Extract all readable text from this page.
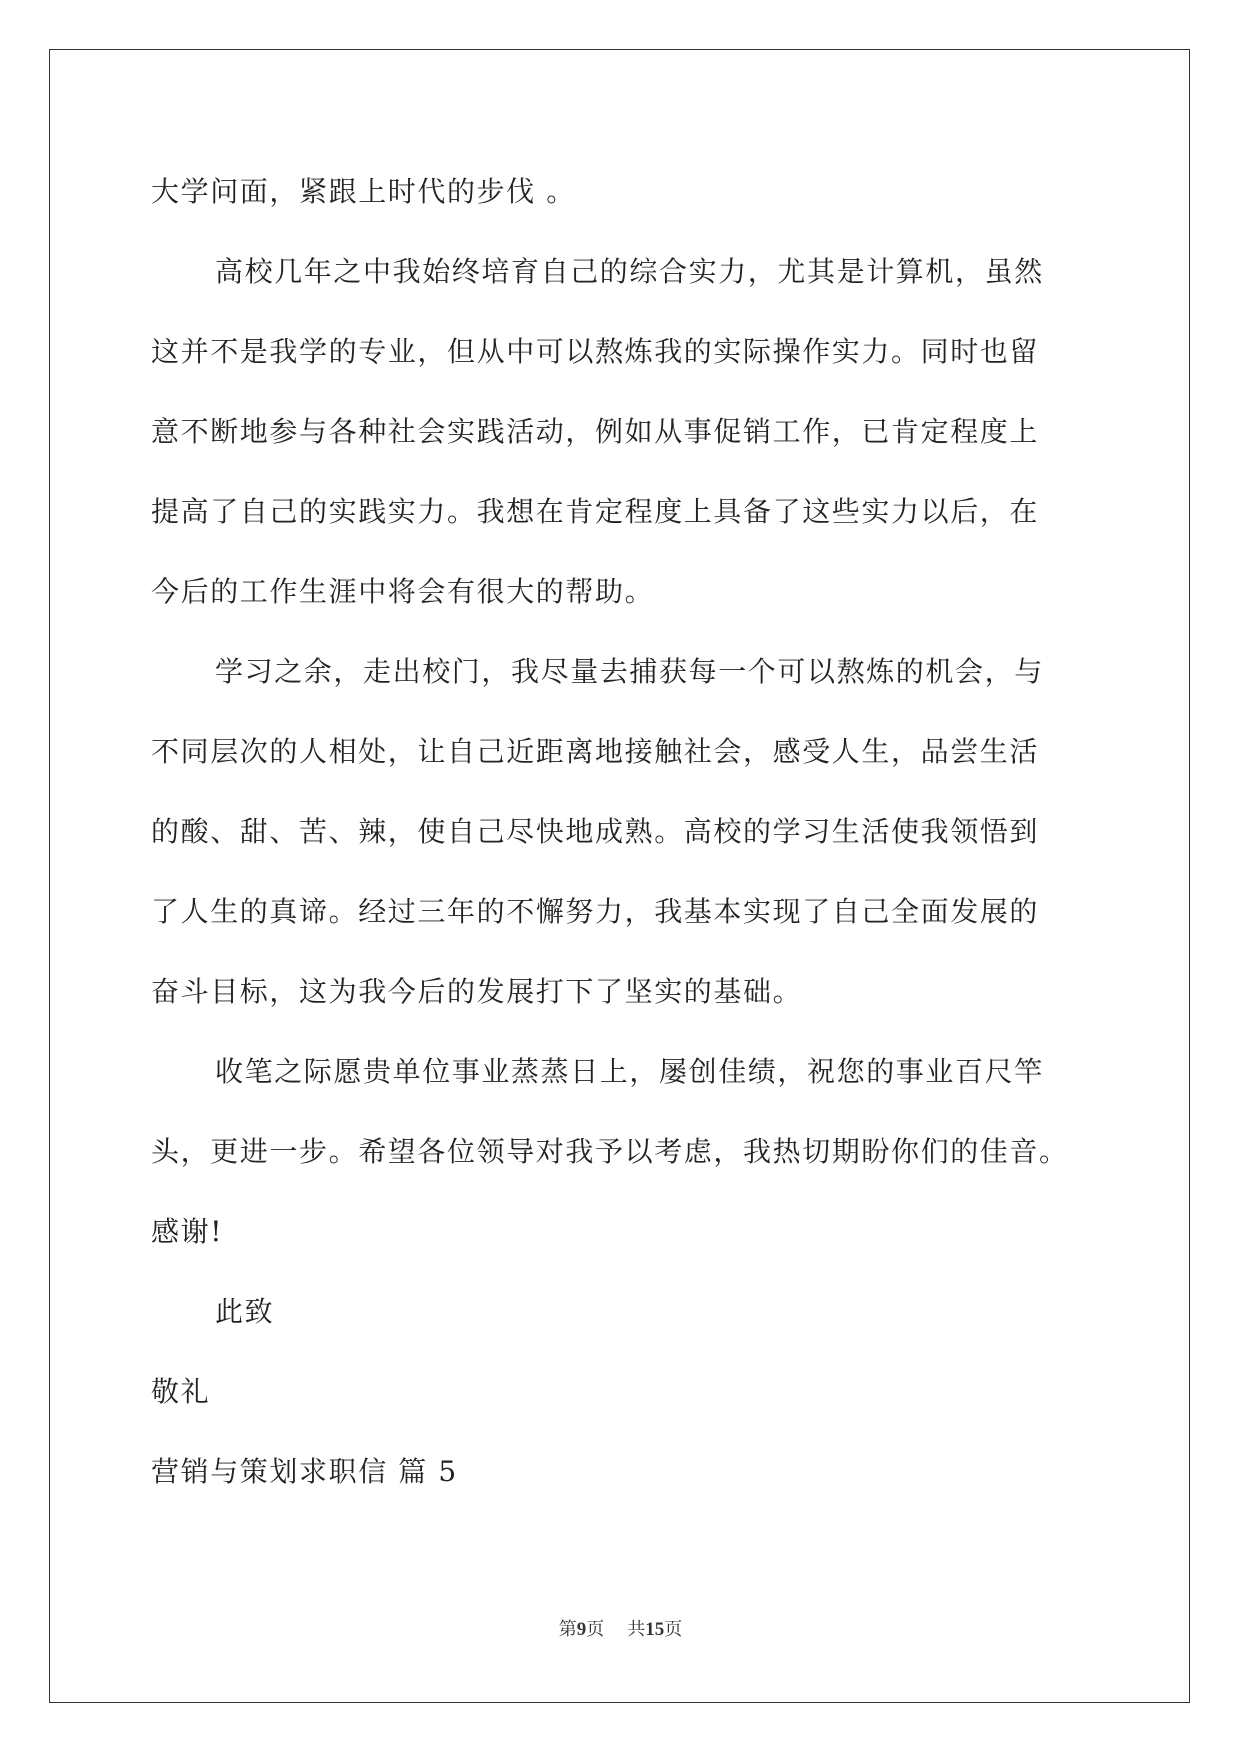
大学问面，紧跟上时代的步伐 。
高校几年之中我始终培育自己的综合实力，尤其是计算机，虽然
这并不是我学的专业，但从中可以熬炼我的实际操作实力。同时也留
意不断地参与各种社会实践活动，例如从事促销工作，已肯定程度上
提高了自己的实践实力。我想在肯定程度上具备了这些实力以后，在
今后的工作生涯中将会有很大的帮助。
学习之余，走出校门，我尽量去捕获每一个可以熬炼的机会，与
不同层次的人相处，让自己近距离地接触社会，感受人生，品尝生活
的酸、甜、苦、辣，使自己尽快地成熟。高校的学习生活使我领悟到
了人生的真谛。经过三年的不懈努力，我基本实现了自己全面发展的
奋斗目标，这为我今后的发展打下了坚实的基础。
收笔之际愿贵单位事业蒸蒸日上，屡创佳绩，祝您的事业百尺竿
头，更进一步。希望各位领导对我予以考虑，我热切期盼你们的佳音。
感谢!
此致
敬礼
营销与策划求职信 篇 5
第9页 共15页
